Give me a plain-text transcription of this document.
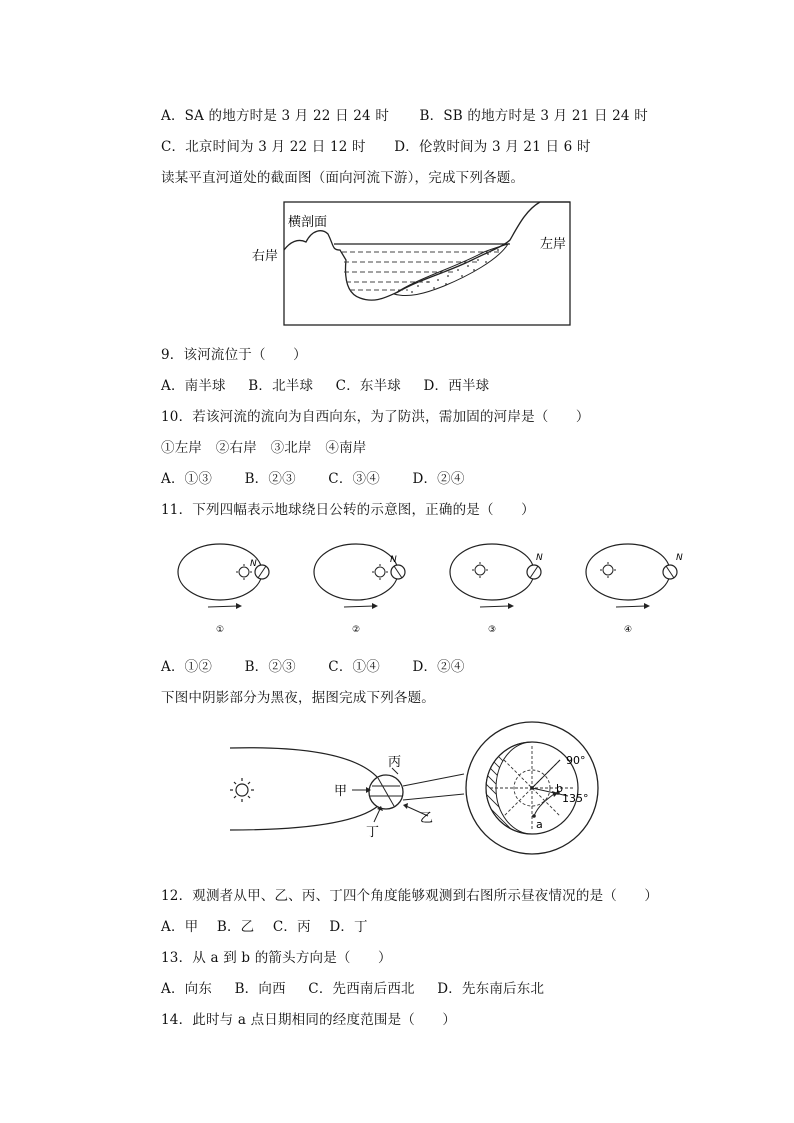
A．SA 的地方时是 3 月 22 日 24 时 B．SB 的地方时是 3 月 21 日 24 时
C．北京时间为 3 月 22 日 12 时 D．伦敦时间为 3 月 21 日 6 时
读某平直河道处的截面图（面向河流下游），完成下列各题。
横剖面
右岸
左岸
9．该河流位于（　　）
A．南半球 B．北半球 C．东半球 D．西半球
10．若该河流的流向为自西向东，为了防洪，需加固的河岸是（　　）
①左岸　②右岸　③北岸　④南岸
A．①③ B．②③ C．③④ D．②④
11．下列四幅表示地球绕日公转的示意图，正确的是（　　）
N
①
N
②
N
③
N
④
A．①② B．②③ C．①④ D．②④
下图中阴影部分为黑夜，据图完成下列各题。
甲
乙
丙
丁
a
b
90°
135°
12．观测者从甲、乙、丙、丁四个角度能够观测到右图所示昼夜情况的是（　　）
A．甲 B．乙 C．丙 D．丁
13．从 a 到 b 的箭头方向是（　　）
A．向东 B．向西 C．先西南后西北 D．先东南后东北
14．此时与 a 点日期相同的经度范围是（　　）
